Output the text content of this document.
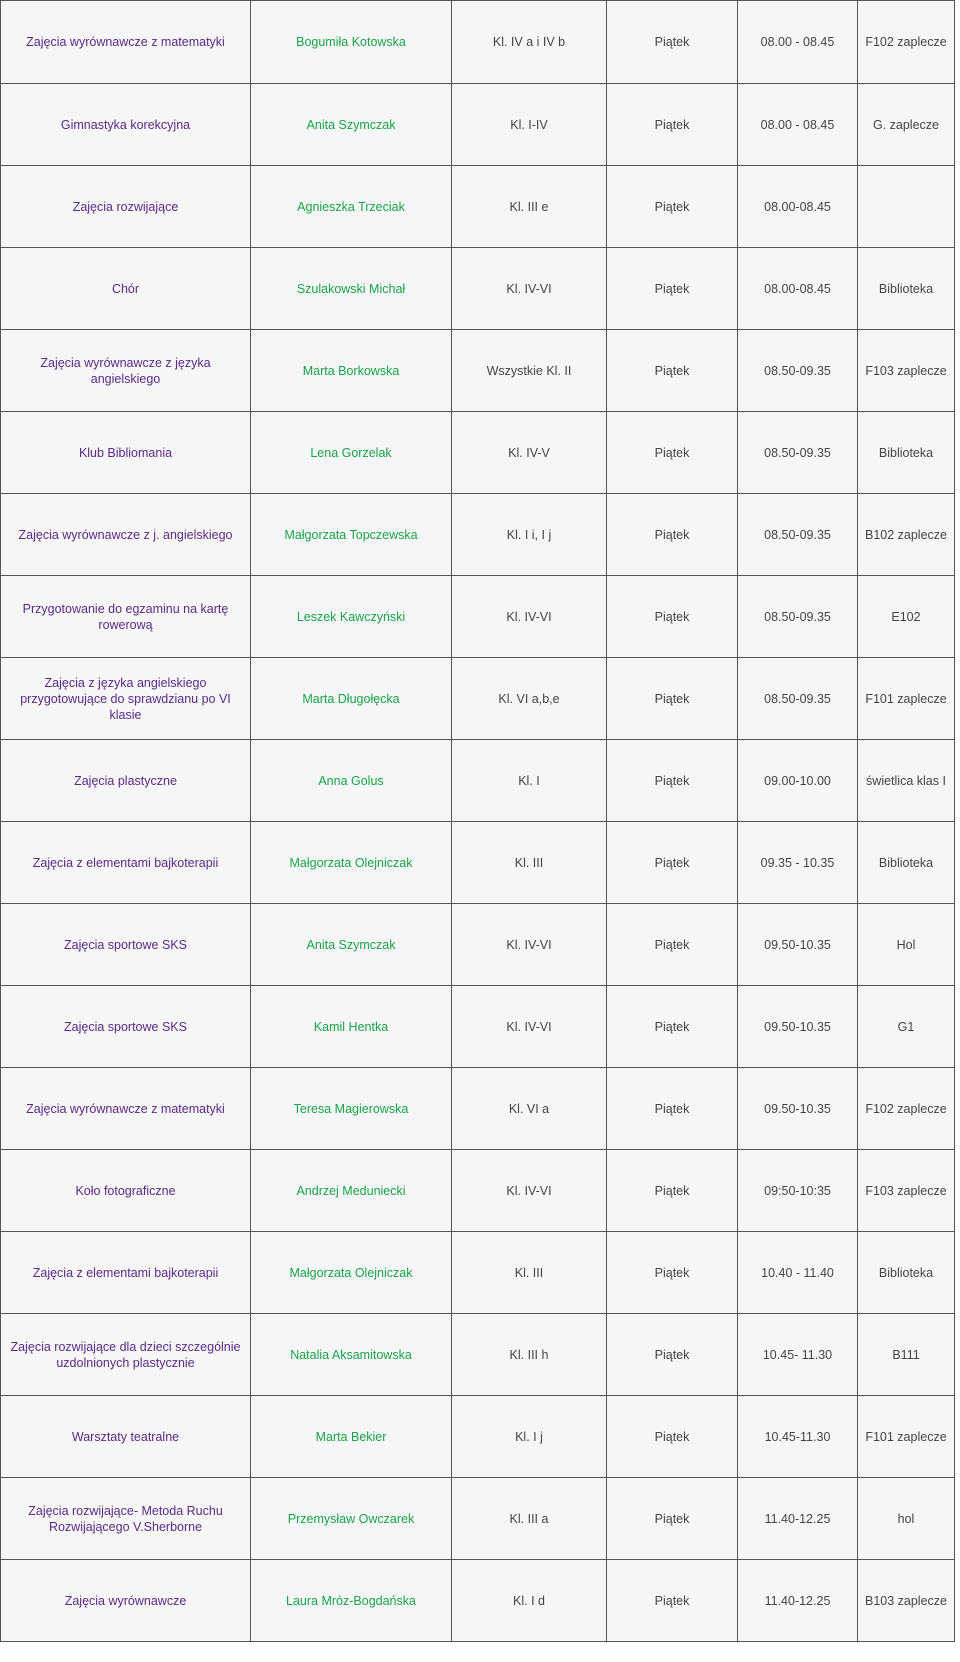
Zajęcia wyrównawcze z matematyki	Bogumiła Kotowska	Kl. IV a i IV b	Piątek	08.00 - 08.45	F102 zaplecze
Gimnastyka korekcyjna	Anita Szymczak	Kl. I-IV	Piątek	08.00 - 08.45	G. zaplecze
Zajęcia rozwijające	Agnieszka Trzeciak	Kl. III e	Piątek	08.00-08.45	
Chór	Szulakowski Michał	Kl. IV-VI	Piątek	08.00-08.45	Biblioteka
Zajęcia wyrównawcze z języka angielskiego	Marta Borkowska	Wszystkie Kl. II	Piątek	08.50-09.35	F103 zaplecze
Klub Bibliomania	Lena Gorzelak	Kl. IV-V	Piątek	08.50-09.35	Biblioteka
Zajęcia wyrównawcze z j. angielskiego	Małgorzata Topczewska	Kl. I i, I j	Piątek	08.50-09.35	B102 zaplecze
Przygotowanie do egzaminu na kartę rowerową	Leszek Kawczyński	Kl. IV-VI	Piątek	08.50-09.35	E102
Zajęcia z języka angielskiego przygotowujące do sprawdzianu po VI klasie	Marta Długołęcka	Kl. VI a,b,e	Piątek	08.50-09.35	F101 zaplecze
Zajęcia plastyczne	Anna Golus	Kl. I	Piątek	09.00-10.00	świetlica klas I
Zajęcia z elementami bajkoterapii	Małgorzata Olejniczak	Kl. III	Piątek	09.35 - 10.35	Biblioteka
Zajęcia sportowe SKS	Anita Szymczak	Kl. IV-VI	Piątek	09.50-10.35	Hol
Zajęcia sportowe SKS	Kamil Hentka	Kl. IV-VI	Piątek	09.50-10.35	G1
Zajęcia wyrównawcze z matematyki	Teresa Magierowska	Kl. VI a	Piątek	09.50-10.35	F102 zaplecze
Koło fotograficzne	Andrzej Meduniecki	Kl. IV-VI	Piątek	09:50-10:35	F103 zaplecze
Zajęcia z elementami bajkoterapii	Małgorzata Olejniczak	Kl. III	Piątek	10.40 - 11.40	Biblioteka
Zajęcia rozwijające dla dzieci szczególnie uzdolnionych plastycznie	Natalia Aksamitowska	Kl. III h	Piątek	10.45- 11.30	B111
Warsztaty teatralne	Marta Bekier	Kl. I j	Piątek	10.45-11.30	F101 zaplecze
Zajęcia rozwijające- Metoda Ruchu Rozwijającego V.Sherborne	Przemysław Owczarek	Kl. III a	Piątek	11.40-12.25	hol
Zajęcia wyrównawcze	Laura Mróz-Bogdańska	Kl. I d	Piątek	11.40-12.25	B103 zaplecze
